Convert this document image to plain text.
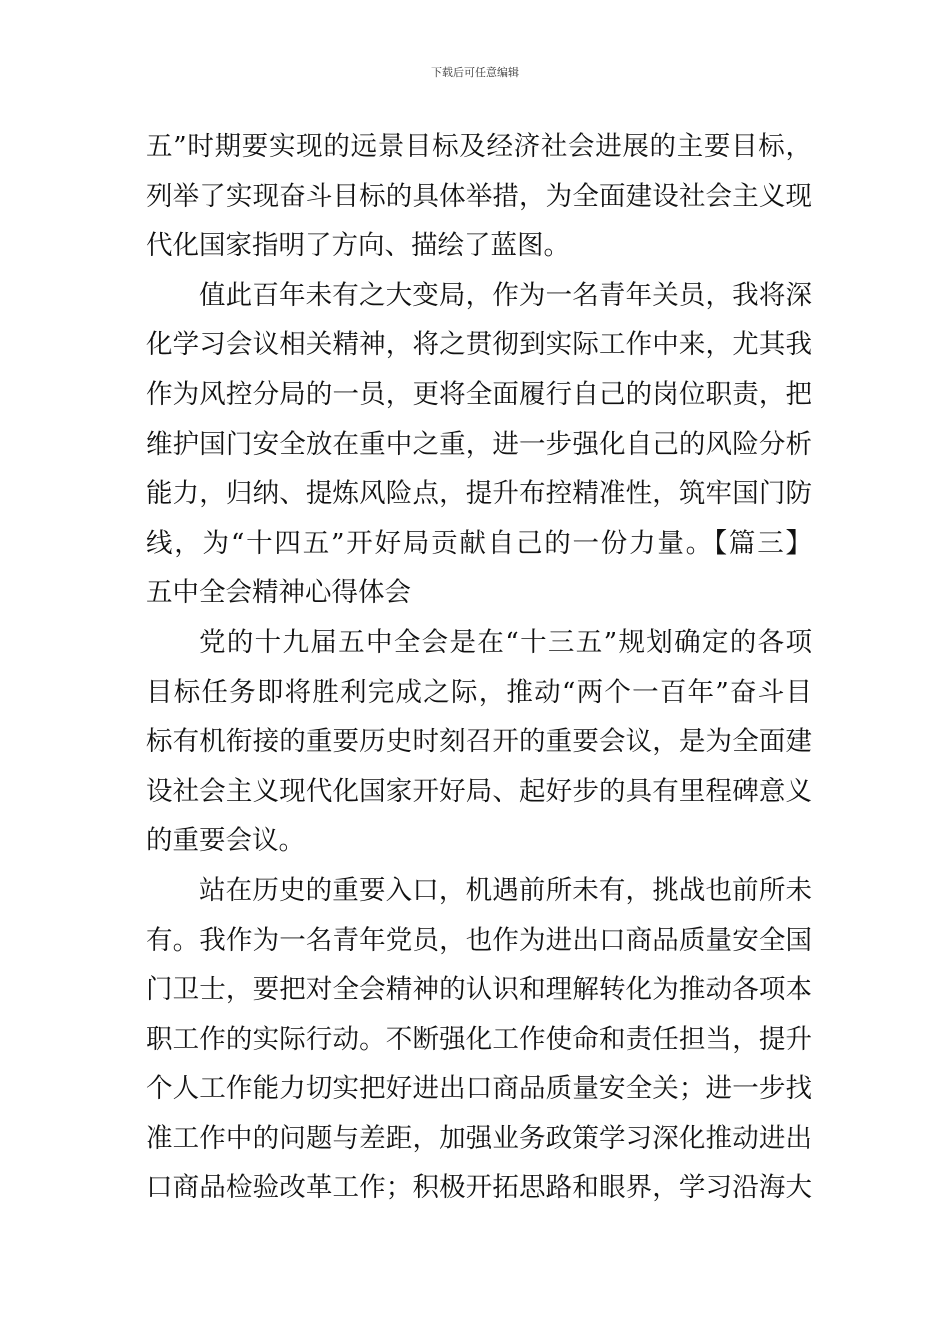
下载后可任意编辑
五”时期要实现的远景目标及经济社会进展的主要目标，
列举了实现奋斗目标的具体举措，为全面建设社会主义现
代化国家指明了方向、描绘了蓝图。
值此百年未有之大变局，作为一名青年关员，我将深
化学习会议相关精神，将之贯彻到实际工作中来，尤其我
作为风控分局的一员，更将全面履行自己的岗位职责，把
维护国门安全放在重中之重，进一步强化自己的风险分析
能力，归纳、提炼风险点，提升布控精准性，筑牢国门防
线，为“十四五”开好局贡献自己的一份力量。【篇三】
五中全会精神心得体会
党的十九届五中全会是在“十三五”规划确定的各项
目标任务即将胜利完成之际，推动“两个一百年”奋斗目
标有机衔接的重要历史时刻召开的重要会议，是为全面建
设社会主义现代化国家开好局、起好步的具有里程碑意义
的重要会议。
站在历史的重要入口，机遇前所未有，挑战也前所未
有。我作为一名青年党员，也作为进出口商品质量安全国
门卫士，要把对全会精神的认识和理解转化为推动各项本
职工作的实际行动。不断强化工作使命和责任担当，提升
个人工作能力切实把好进出口商品质量安全关；进一步找
准工作中的问题与差距，加强业务政策学习深化推动进出
口商品检验改革工作；积极开拓思路和眼界，学习沿海大
